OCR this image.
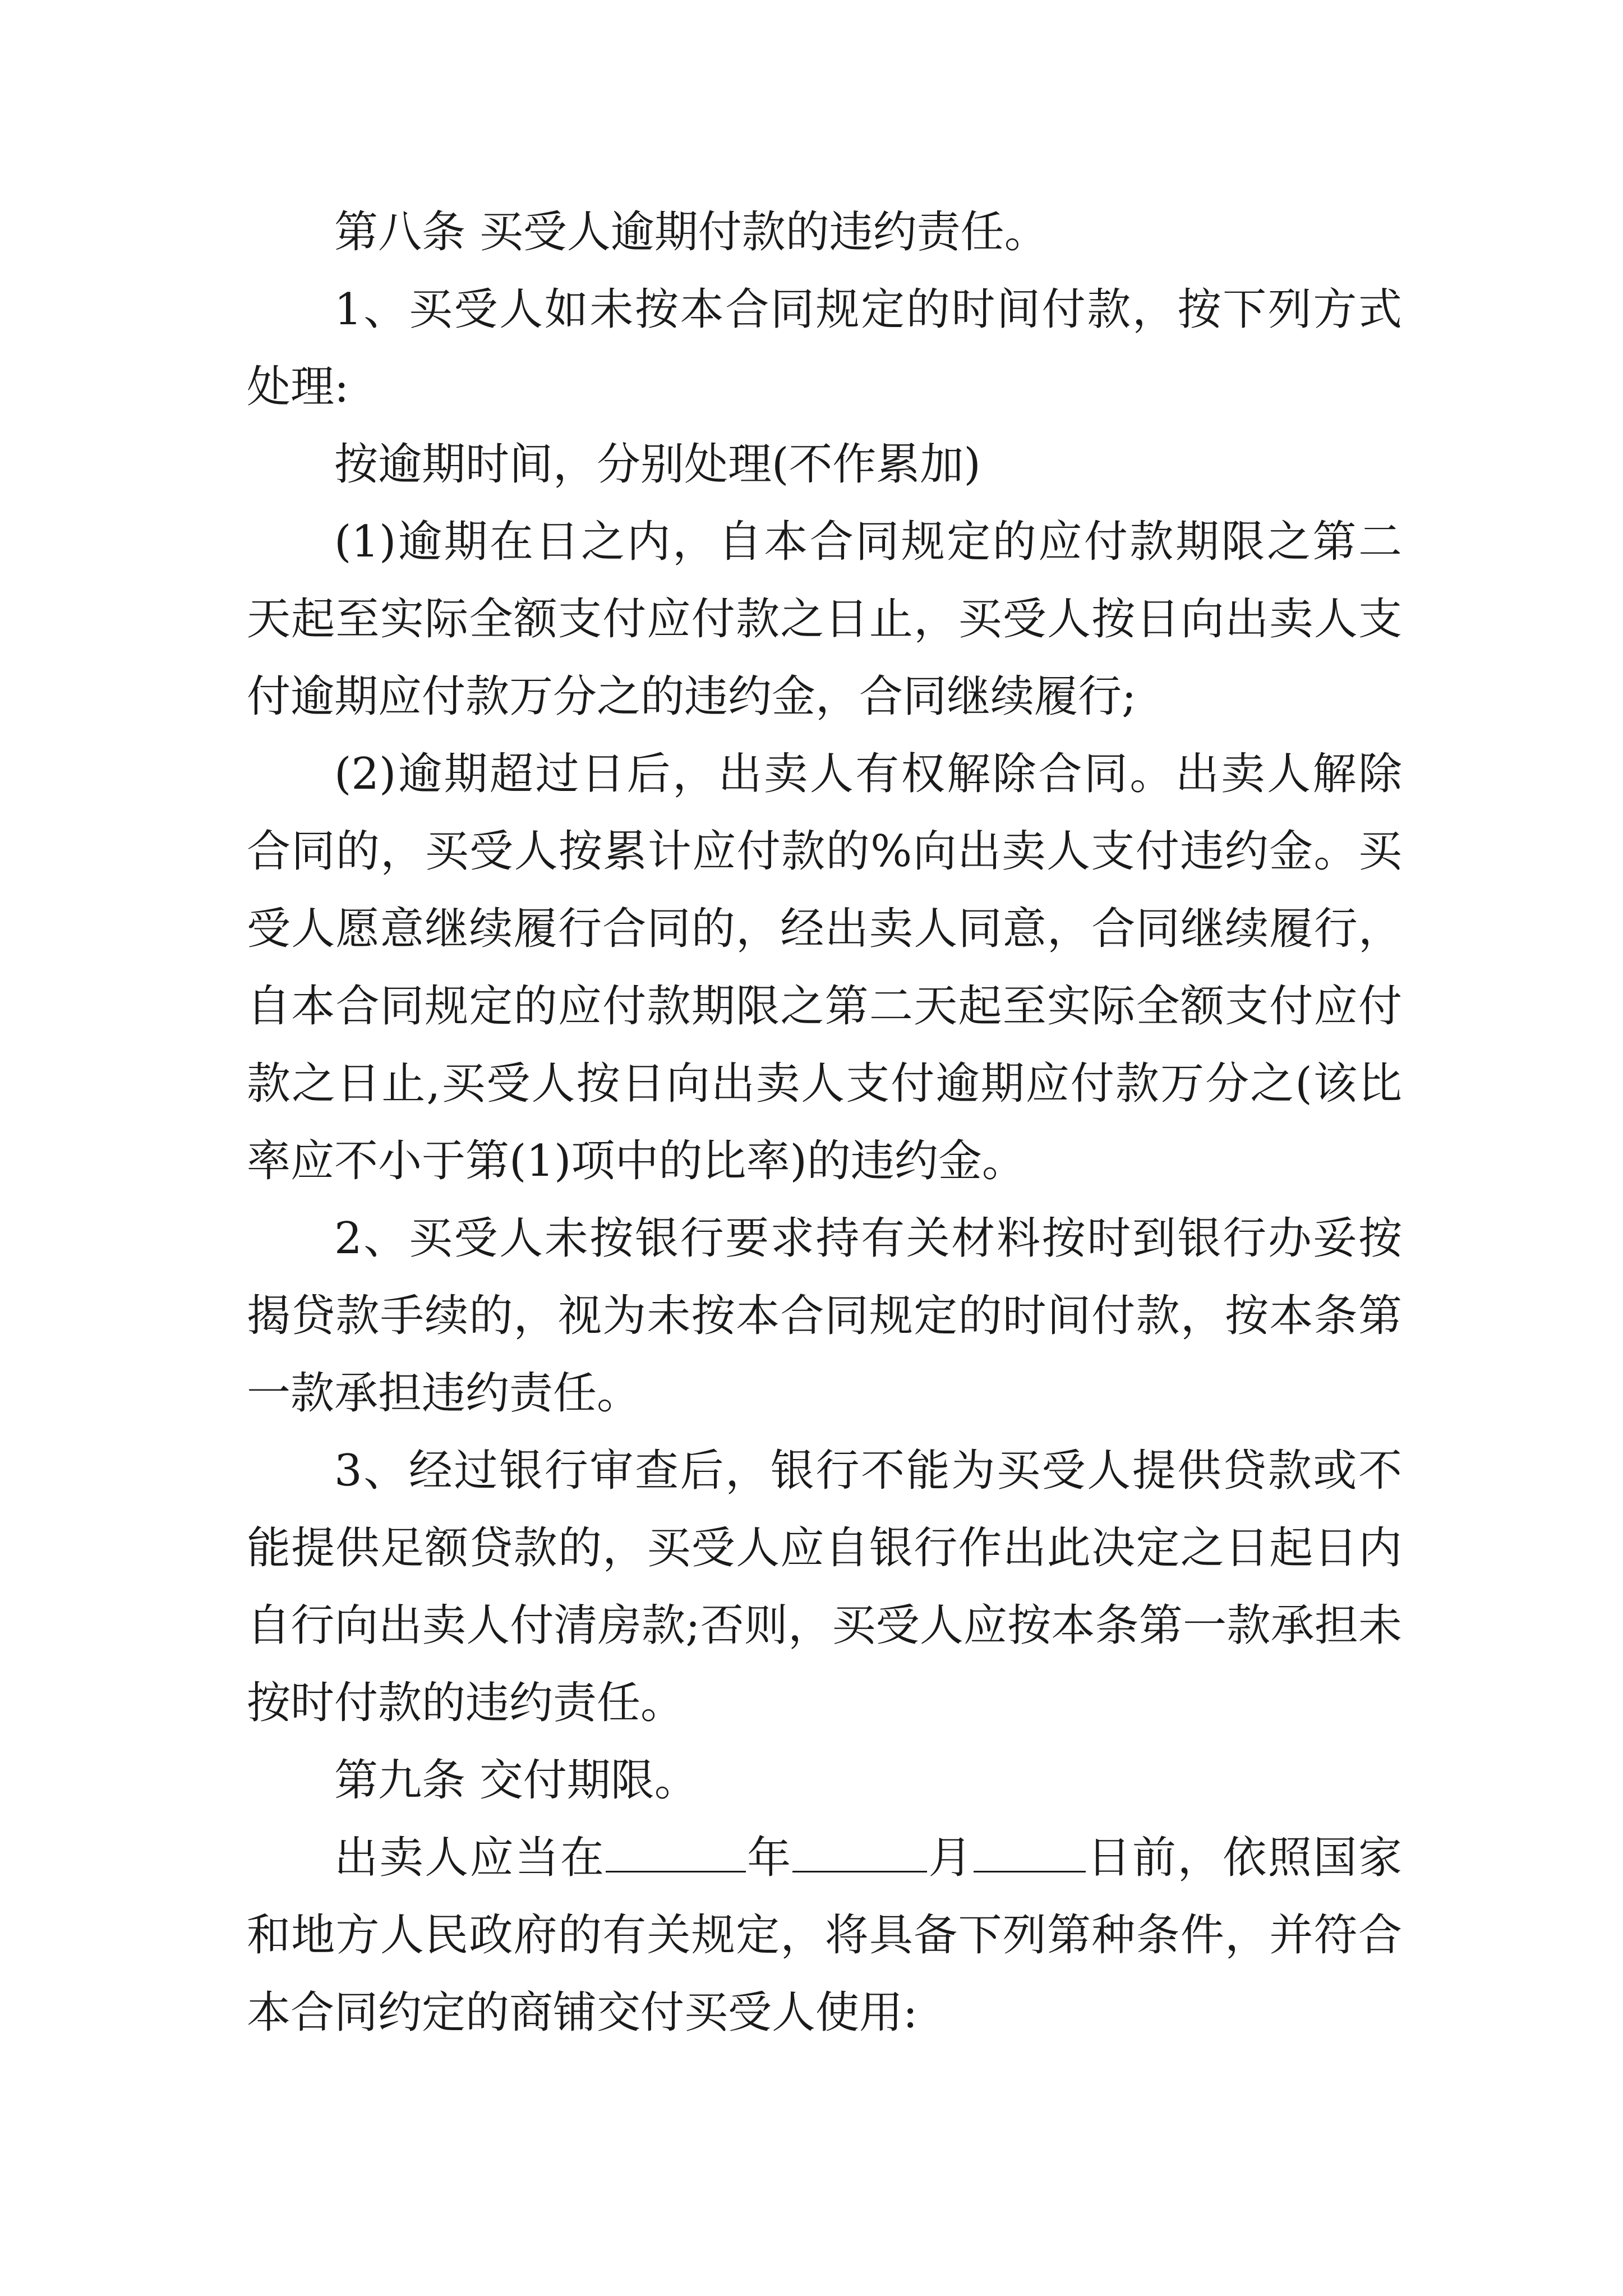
第八条 买受人逾期付款的违约责任。

1、买受人如未按本合同规定的时间付款，按下列方式处理:

按逾期时间，分别处理(不作累加)

(1)逾期在日之内，自本合同规定的应付款期限之第二天起至实际全额支付应付款之日止，买受人按日向出卖人支付逾期应付款万分之的违约金，合同继续履行;

(2)逾期超过日后，出卖人有权解除合同。出卖人解除合同的，买受人按累计应付款的%向出卖人支付违约金。买受人愿意继续履行合同的，经出卖人同意，合同继续履行，自本合同规定的应付款期限之第二天起至实际全额支付应付款之日止,买受人按日向出卖人支付逾期应付款万分之(该比率应不小于第(1)项中的比率)的违约金。

2、买受人未按银行要求持有关材料按时到银行办妥按揭贷款手续的，视为未按本合同规定的时间付款，按本条第一款承担违约责任。

3、经过银行审查后，银行不能为买受人提供贷款或不能提供足额贷款的，买受人应自银行作出此决定之日起日内自行向出卖人付清房款;否则，买受人应按本条第一款承担未按时付款的违约责任。

第九条 交付期限。

出卖人应当在	年	月	日前，依照国家和地方人民政府的有关规定，将具备下列第种条件，并符合本合同约定的商铺交付买受人使用:
